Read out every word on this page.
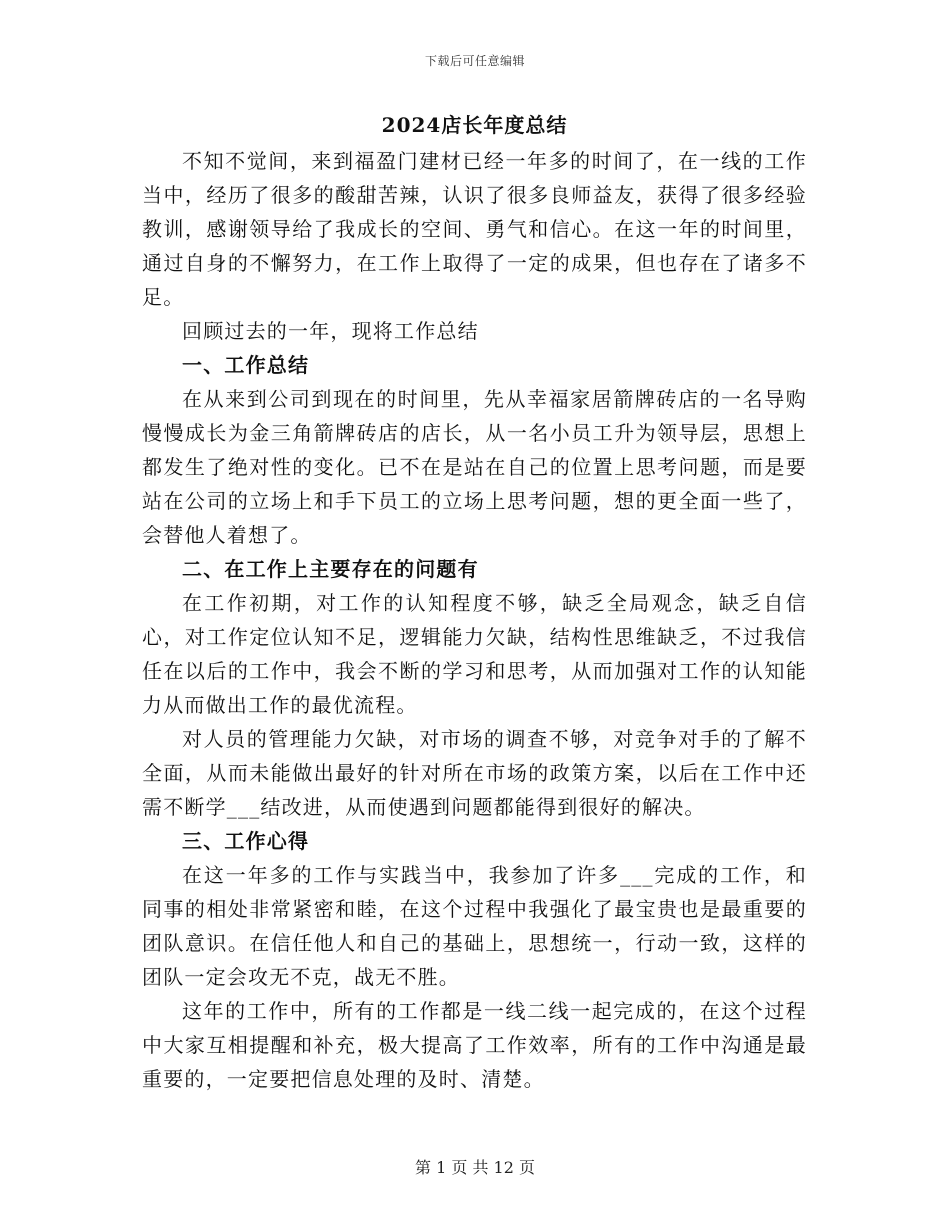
下载后可任意编辑
2024店长年度总结

不知不觉间，来到福盈门建材已经一年多的时间了，在一线的工作当中，经历了很多的酸甜苦辣，认识了很多良师益友，获得了很多经验教训，感谢领导给了我成长的空间、勇气和信心。在这一年的时间里，通过自身的不懈努力，在工作上取得了一定的成果，但也存在了诸多不足。

回顾过去的一年，现将工作总结

一、工作总结

在从来到公司到现在的时间里，先从幸福家居箭牌砖店的一名导购慢慢成长为金三角箭牌砖店的店长，从一名小员工升为领导层，思想上都发生了绝对性的变化。已不在是站在自己的位置上思考问题，而是要站在公司的立场上和手下员工的立场上思考问题，想的更全面一些了，会替他人着想了。

二、在工作上主要存在的问题有

在工作初期，对工作的认知程度不够，缺乏全局观念，缺乏自信心，对工作定位认知不足，逻辑能力欠缺，结构性思维缺乏，不过我信任在以后的工作中，我会不断的学习和思考，从而加强对工作的认知能力从而做出工作的最优流程。

对人员的管理能力欠缺，对市场的调查不够，对竞争对手的了解不全面，从而未能做出最好的针对所在市场的政策方案，以后在工作中还需不断学___结改进，从而使遇到问题都能得到很好的解决。

三、工作心得

在这一年多的工作与实践当中，我参加了许多___完成的工作，和同事的相处非常紧密和睦，在这个过程中我强化了最宝贵也是最重要的团队意识。在信任他人和自己的基础上，思想统一，行动一致，这样的团队一定会攻无不克，战无不胜。

这年的工作中，所有的工作都是一线二线一起完成的，在这个过程中大家互相提醒和补充，极大提高了工作效率，所有的工作中沟通是最重要的，一定要把信息处理的及时、清楚。

第 1 页 共 12 页
